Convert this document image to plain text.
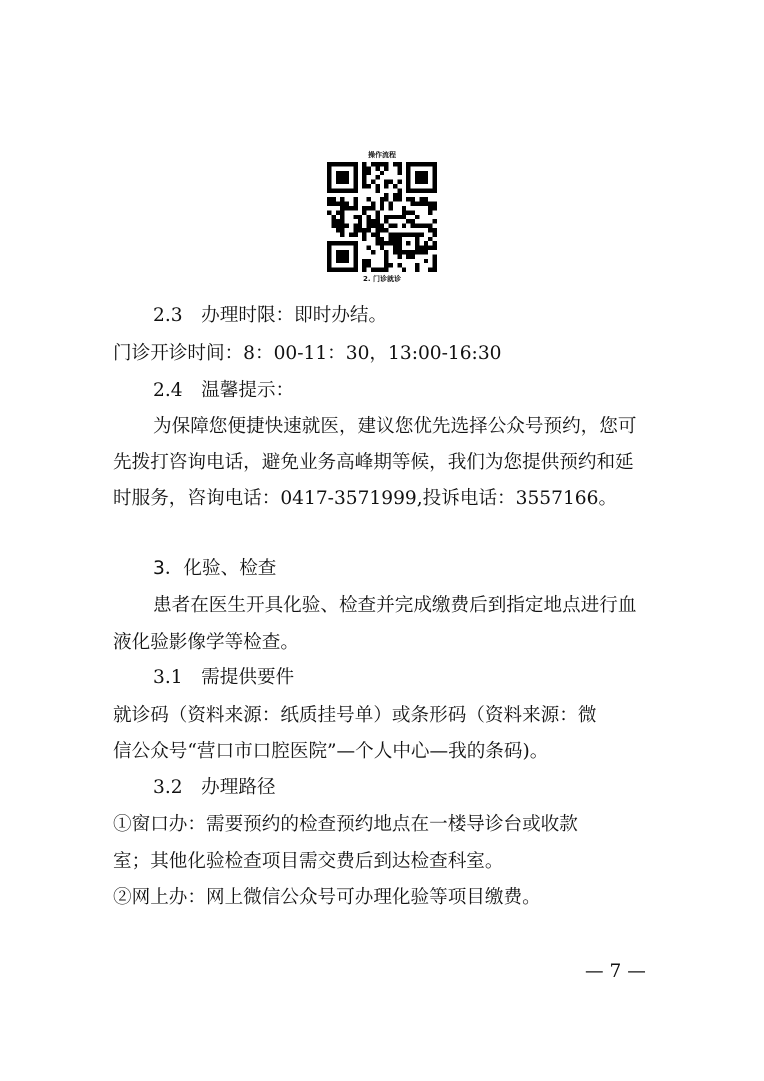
操作流程
2. 门诊就诊
2.3　办理时限：即时办结。
门诊开诊时间：8：00-11：30，13:00-16:30
2.4　温馨提示：
为保障您便捷快速就医，建议您优先选择公众号预约，您可
先拨打咨询电话，避免业务高峰期等候，我们为您提供预约和延
时服务，咨询电话：0417-3571999,投诉电话：3557166。
3．化验、检查
患者在医生开具化验、检查并完成缴费后到指定地点进行血
液化验影像学等检查。
3.1　需提供要件
就诊码（资料来源：纸质挂号单）或条形码（资料来源：微
信公众号“营口市口腔医院”—个人中心—我的条码)。
3.2　办理路径
①窗口办：需要预约的检查预约地点在一楼导诊台或收款
室；其他化验检查项目需交费后到达检查科室。
②网上办：网上微信公众号可办理化验等项目缴费。
— 7 —
